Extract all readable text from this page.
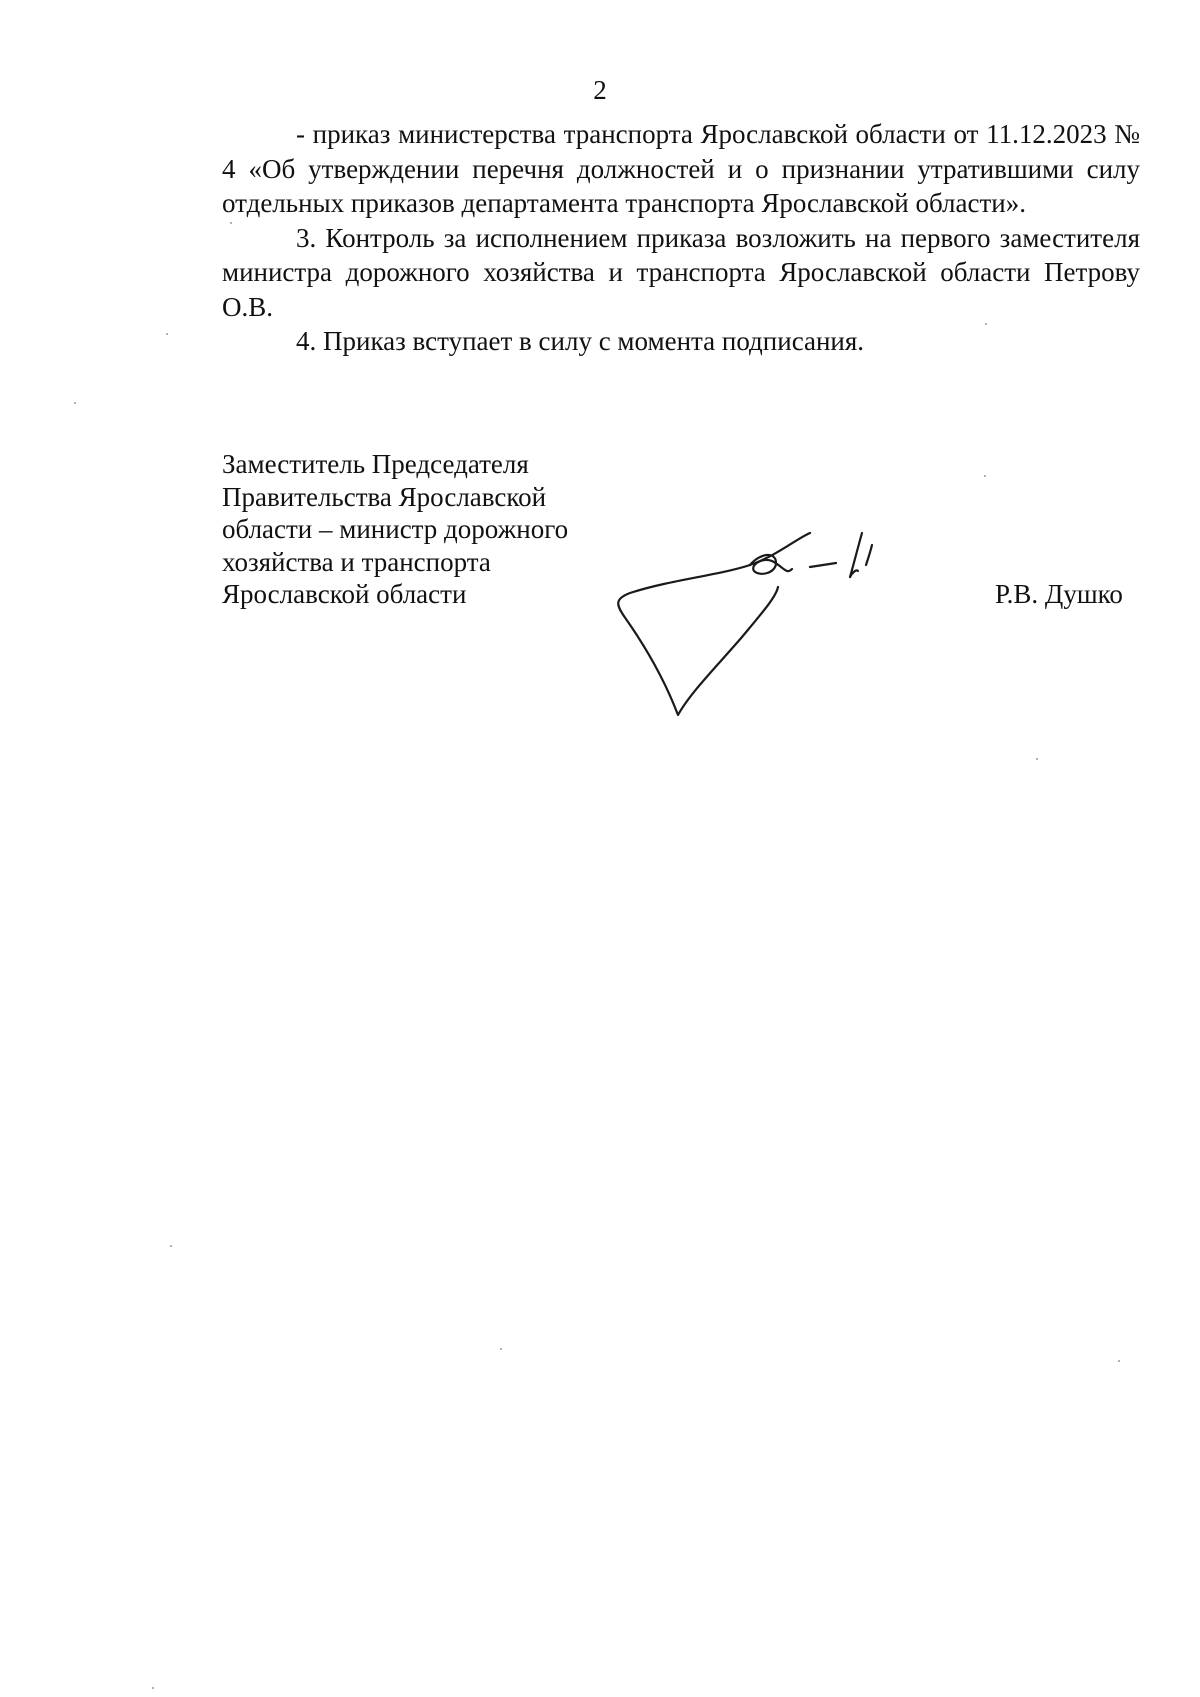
2

- приказ министерства транспорта Ярославской области от 11.12.2023 № 4 «Об утверждении перечня должностей и о признании утратившими силу отдельных приказов департамента транспорта Ярославской области».

3. Контроль за исполнением приказа возложить на первого заместителя министра дорожного хозяйства и транспорта Ярославской области Петрову О.В.

4. Приказ вступает в силу с момента подписания.

Заместитель Председателя
Правительства Ярославской
области – министр дорожного
хозяйства и транспорта
Ярославской области	Р.В. Душко
